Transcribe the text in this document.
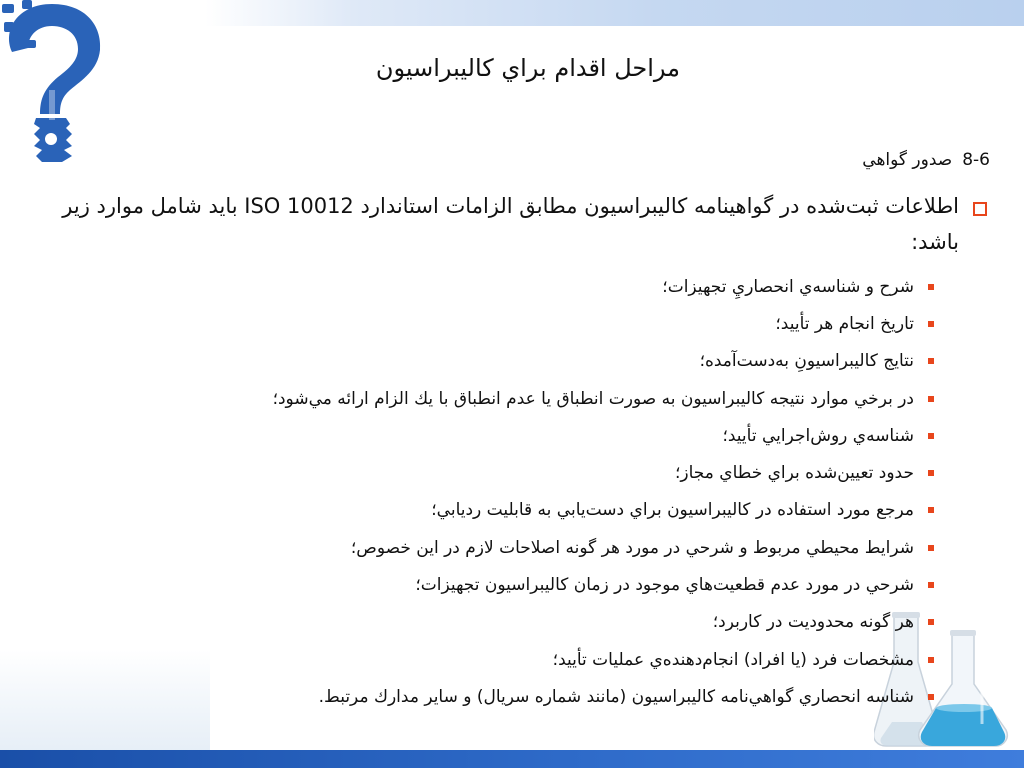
مراحل اقدام براي كاليبراسيون
8-6صدور گواهي
اطلاعات ثبت‌شده در گواهينامه كاليبراسيون مطابق الزامات استاندارد ISO 10012 بايد شامل موارد زير باشد:
شرح و شناسه‌ي انحصاريِ تجهيزات؛
تاريخ انجام هر تأييد؛
نتايج كاليبراسيونِ به‌دست‌آمده؛
در برخي موارد نتيجه كاليبراسيون به صورت انطباق يا عدم انطباق با يك الزام ارائه مي‌شود؛
شناسه‌ي روش‌اجرايي تأييد؛
حدود تعيين‌شده براي خطاي مجاز؛
مرجع مورد استفاده در كاليبراسيون براي دست‌يابي به قابليت رديابي؛
شرايط محيطي مربوط و شرحي در مورد هر گونه اصلاحات لازم در اين خصوص؛
شرحي در مورد عدم قطعيت‌هاي موجود در زمان كاليبراسيون تجهيزات؛
هر گونه محدوديت در كاربرد؛
مشخصات فرد (يا افراد) انجام‌دهنده‌ي عمليات تأييد؛
شناسه انحصاري گواهي‌نامه كاليبراسيون (مانند شماره سريال) و ساير مدارك مرتبط.
